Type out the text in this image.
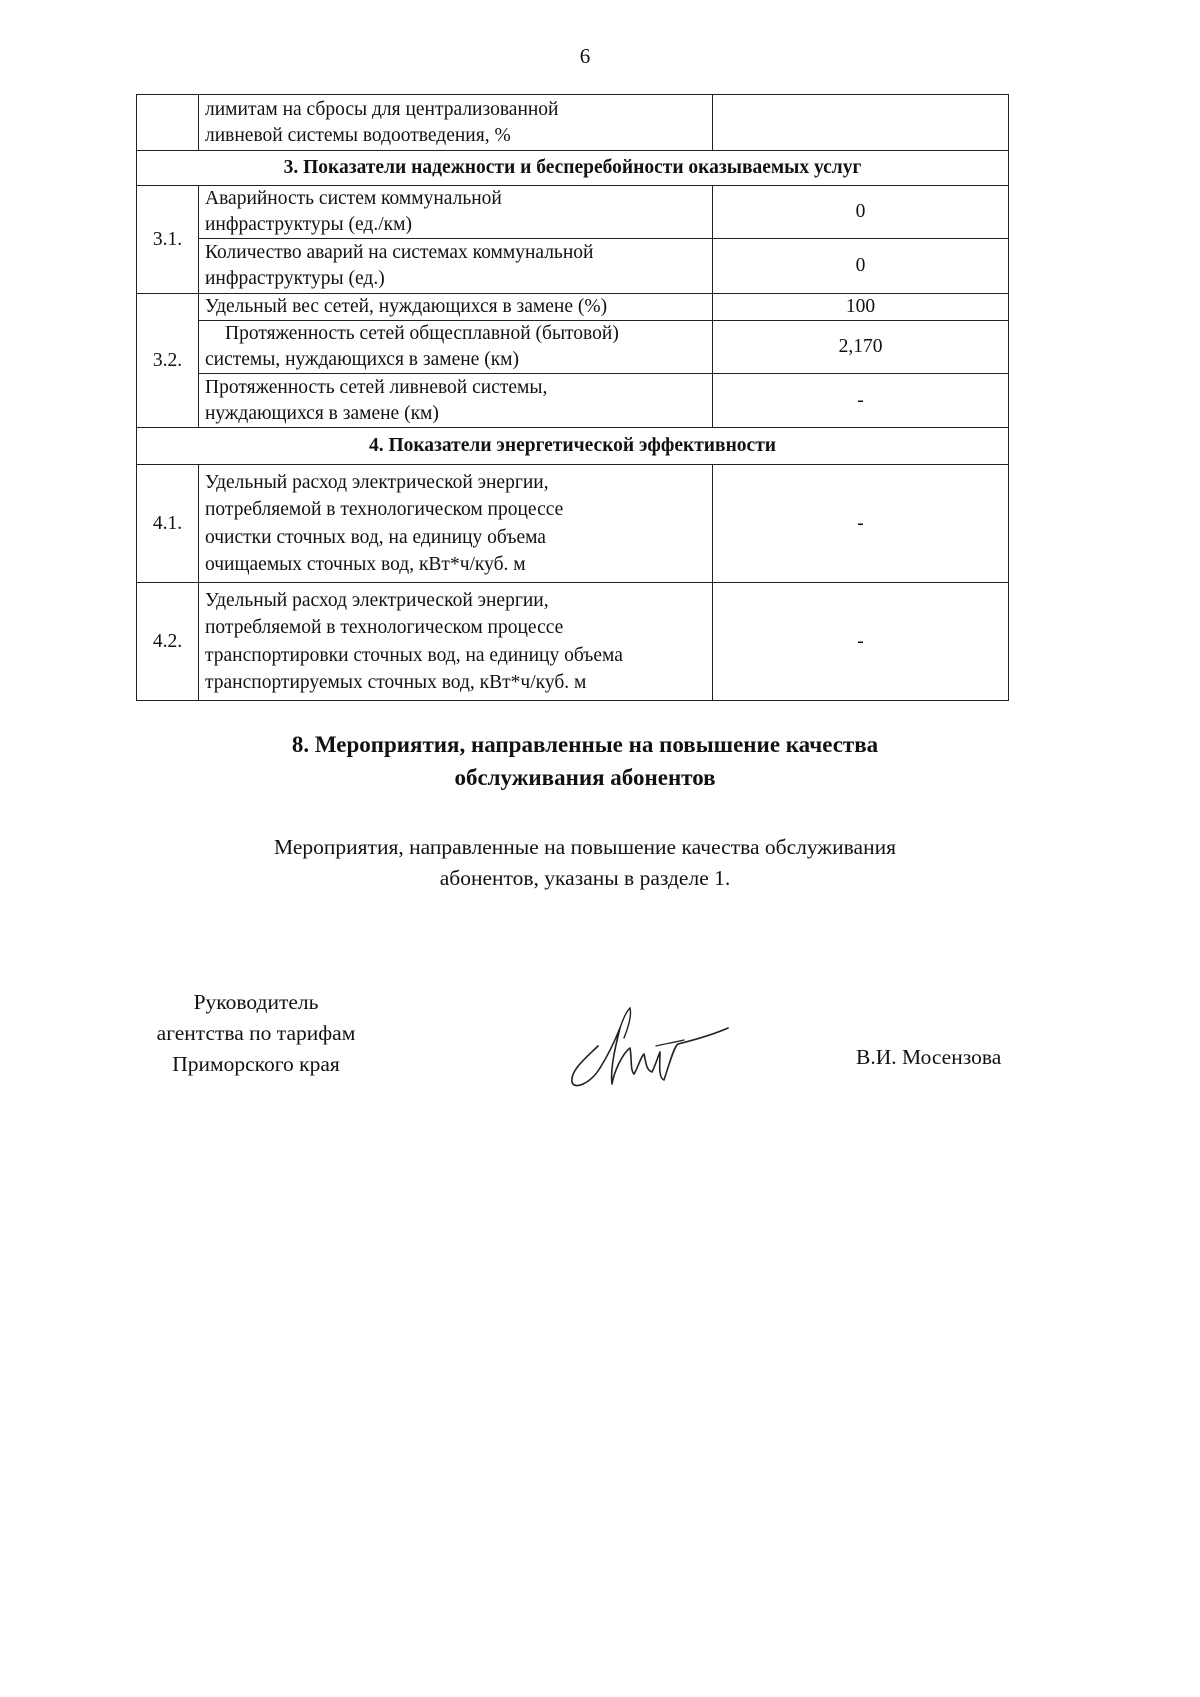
6

	лимитам на сбросы для централизованной
ливневой системы водоотведения, %	

3. Показатели надежности и бесперебойности оказываемых услуг		
3.1.	Аварийность систем коммунальной
инфраструктуры (ед./км)	0

	Количество аварий на системах коммунальной
инфраструктуры (ед.)	0
3.2.	Удельный вес сетей, нуждающихся в замене (%)	100

	Протяженность сетей общесплавной (бытовой)
системы, нуждающихся в замене (км)	2,170

	Протяженность сетей ливневой системы,
нуждающихся в замене (км)	-
4. Показатели энергетической эффективности		
4.1.	Удельный расход электрической энергии,
потребляемой в технологическом процессе
очистки сточных вод, на единицу объема
очищаемых сточных вод, кВт*ч/куб. м	-
4.2.	Удельный расход электрической энергии,
потребляемой в технологическом процессе
транспортировки сточных вод, на единицу объема
транспортируемых сточных вод, кВт*ч/куб. м	-
8. Мероприятия, направленные на повышение качества
обслуживания абонентов
Мероприятия, направленные на повышение качества обслуживания
абонентов, указаны в разделе 1.
Руководитель
агентства по тарифам
Приморского края	В.И. Мосензова
